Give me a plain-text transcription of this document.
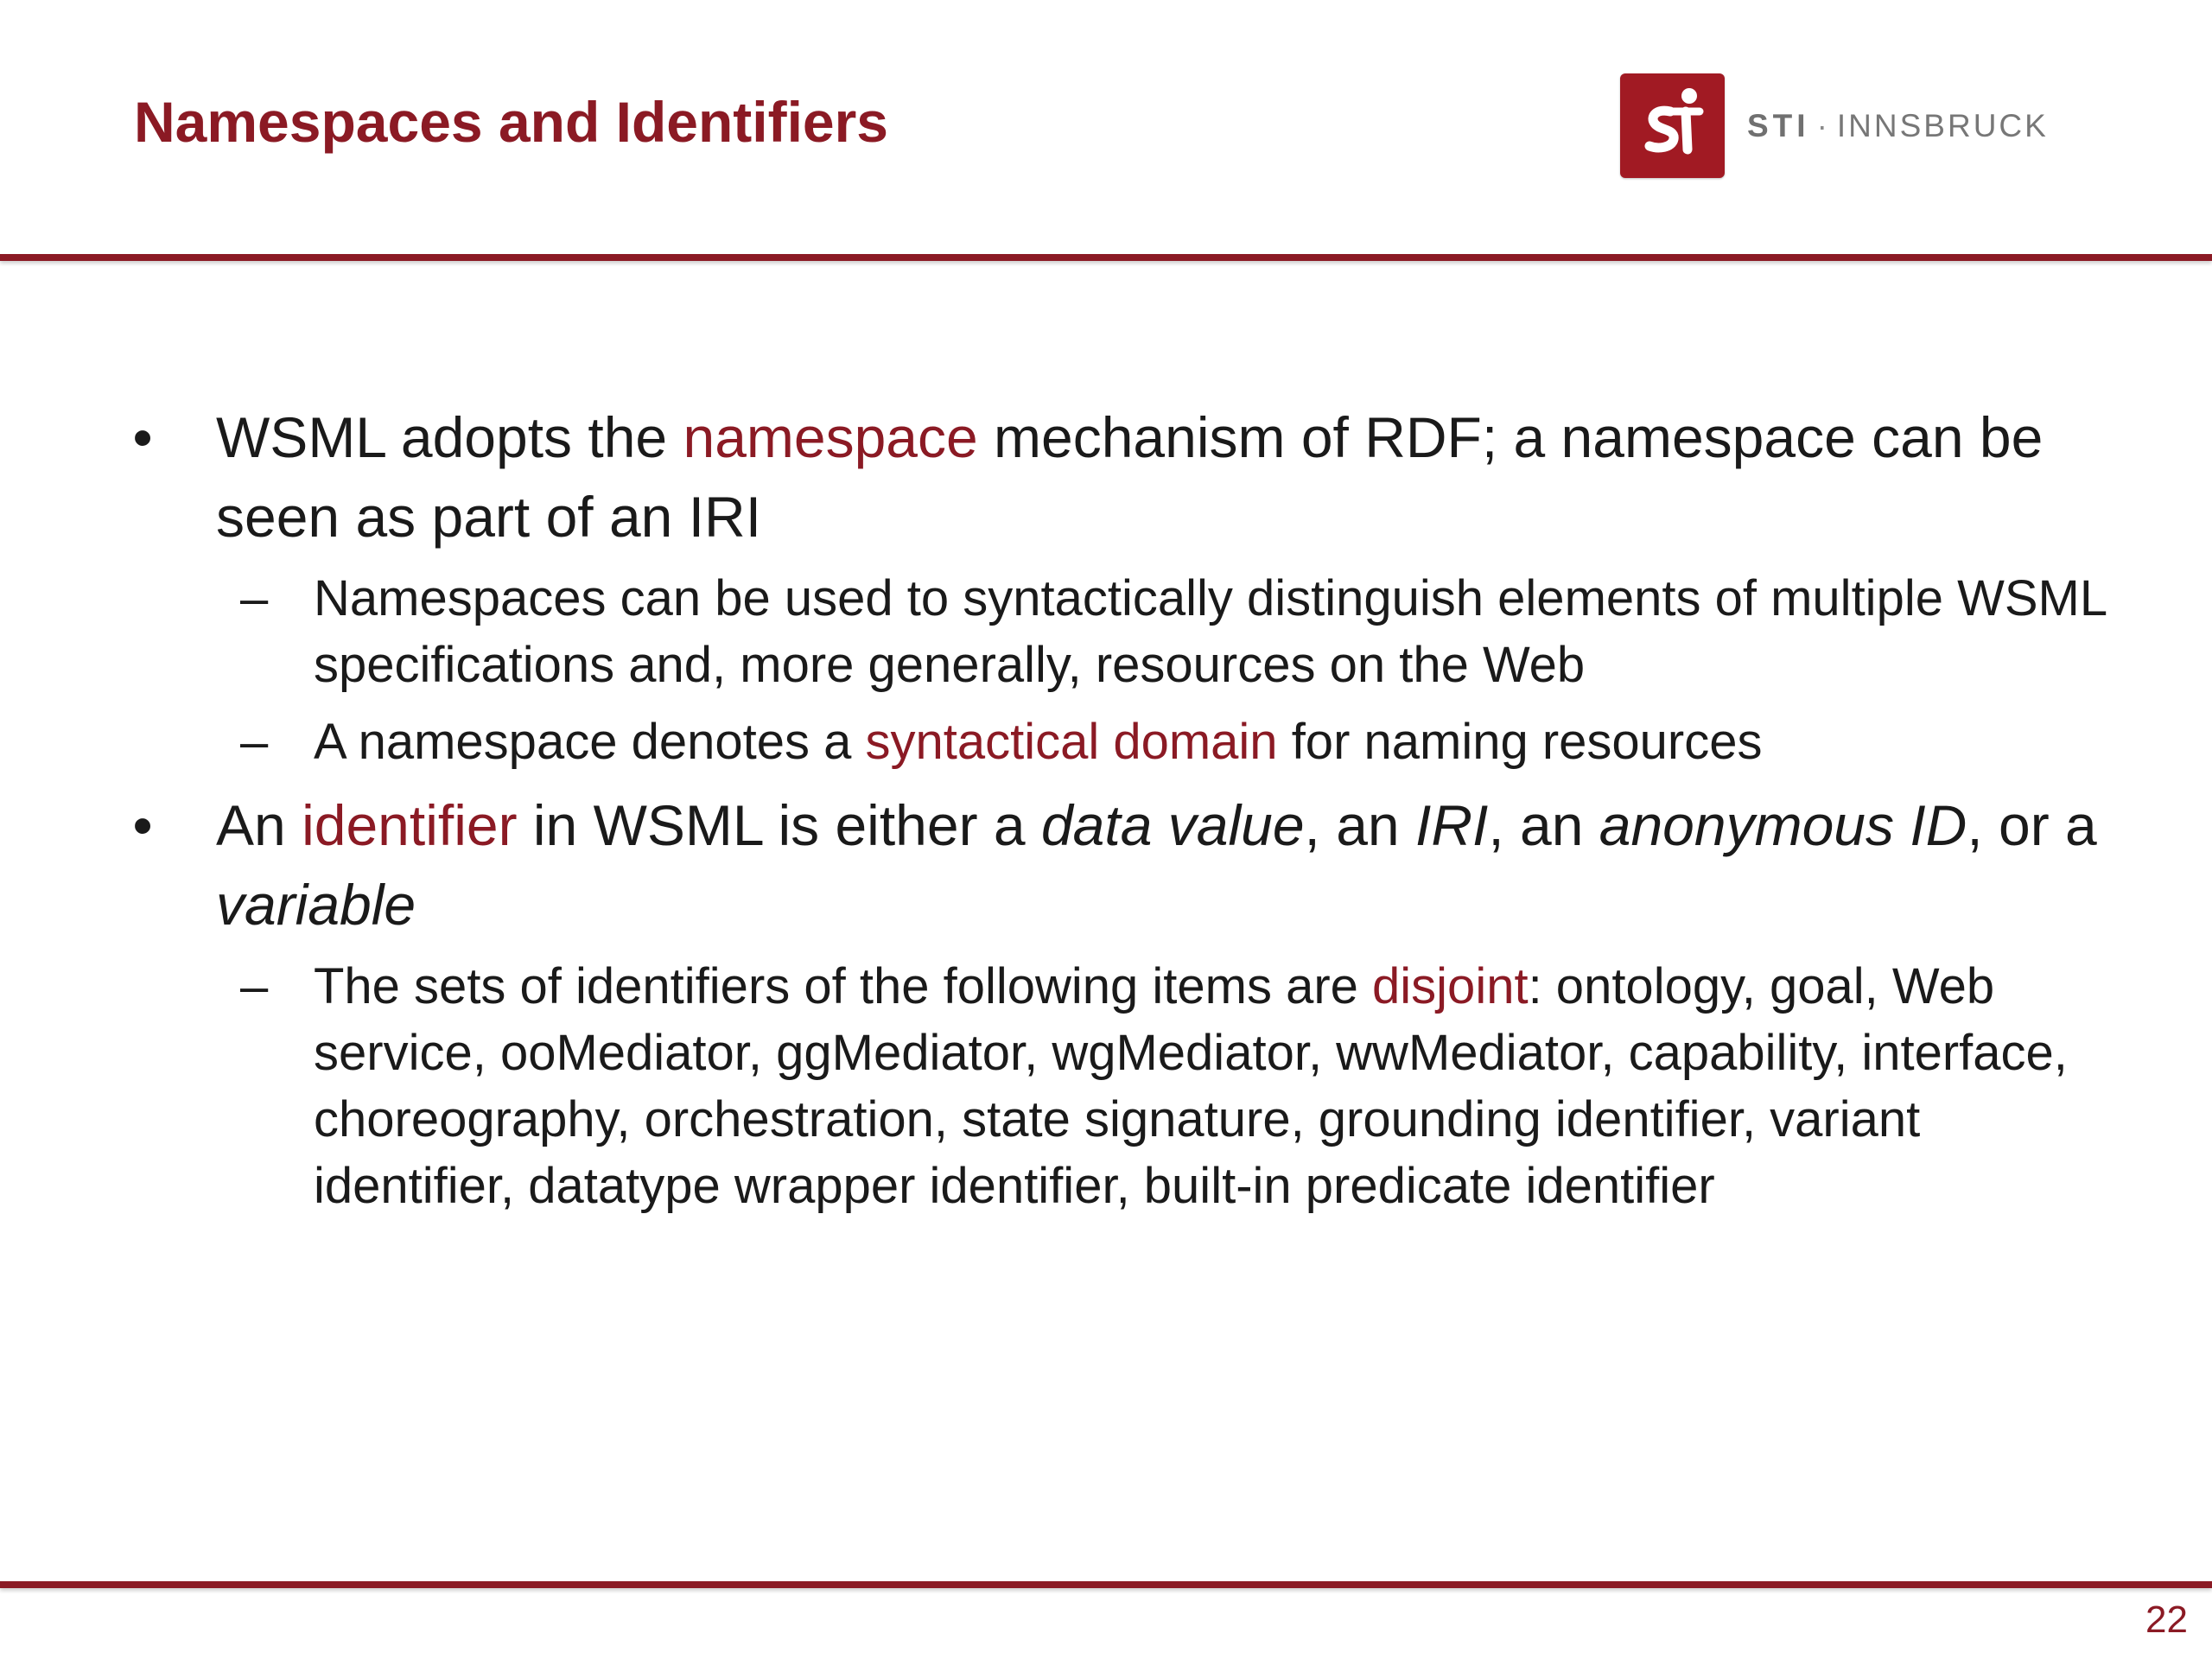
Namespaces and Identifiers	STI · INNSBRUCK
• WSML adopts the namespace mechanism of RDF; a namespace can be seen as part of an IRI
– Namespaces can be used to syntactically distinguish elements of multiple WSML specifications and, more generally, resources on the Web
– A namespace denotes a syntactical domain for naming resources
• An identifier in WSML is either a data value, an IRI, an anonymous ID, or a variable
– The sets of identifiers of the following items are disjoint: ontology, goal, Web service, ooMediator, ggMediator, wgMediator, wwMediator, capability, interface, choreography, orchestration, state signature, grounding identifier, variant identifier, datatype wrapper identifier, built-in predicate identifier
22
